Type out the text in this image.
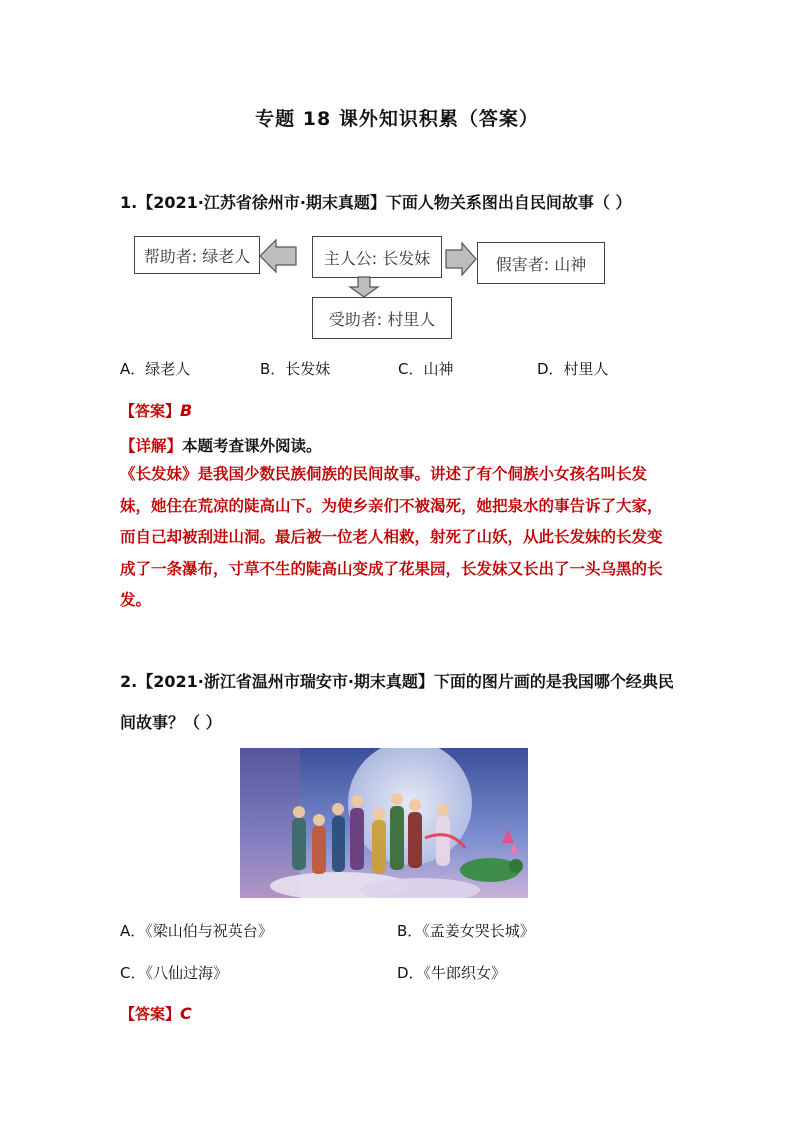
专题 18 课外知识积累（答案）
1.【2021·江苏省徐州市·期末真题】下面人物关系图出自民间故事（ ）
帮助者: 绿老人	主人公: 长发妹	假害者: 山神
受助者: 村里人
A．绿老人	B．长发妹	C．山神	D．村里人
【答案】B
【详解】本题考查课外阅读。
《长发妹》是我国少数民族侗族的民间故事。讲述了有个侗族小女孩名叫长发妹，她住在荒凉的陡高山下。为使乡亲们不被渴死，她把泉水的事告诉了大家，而自己却被刮进山洞。最后被一位老人相救，射死了山妖，从此长发妹的长发变成了一条瀑布，寸草不生的陡高山变成了花果园，长发妹又长出了一头乌黑的长发。
2.【2021·浙江省温州市瑞安市·期末真题】下面的图片画的是我国哪个经典民
间故事？（ ）
A．《梁山伯与祝英台》	B．《孟姜女哭长城》
C．《八仙过海》	D．《牛郎织女》
【答案】C
